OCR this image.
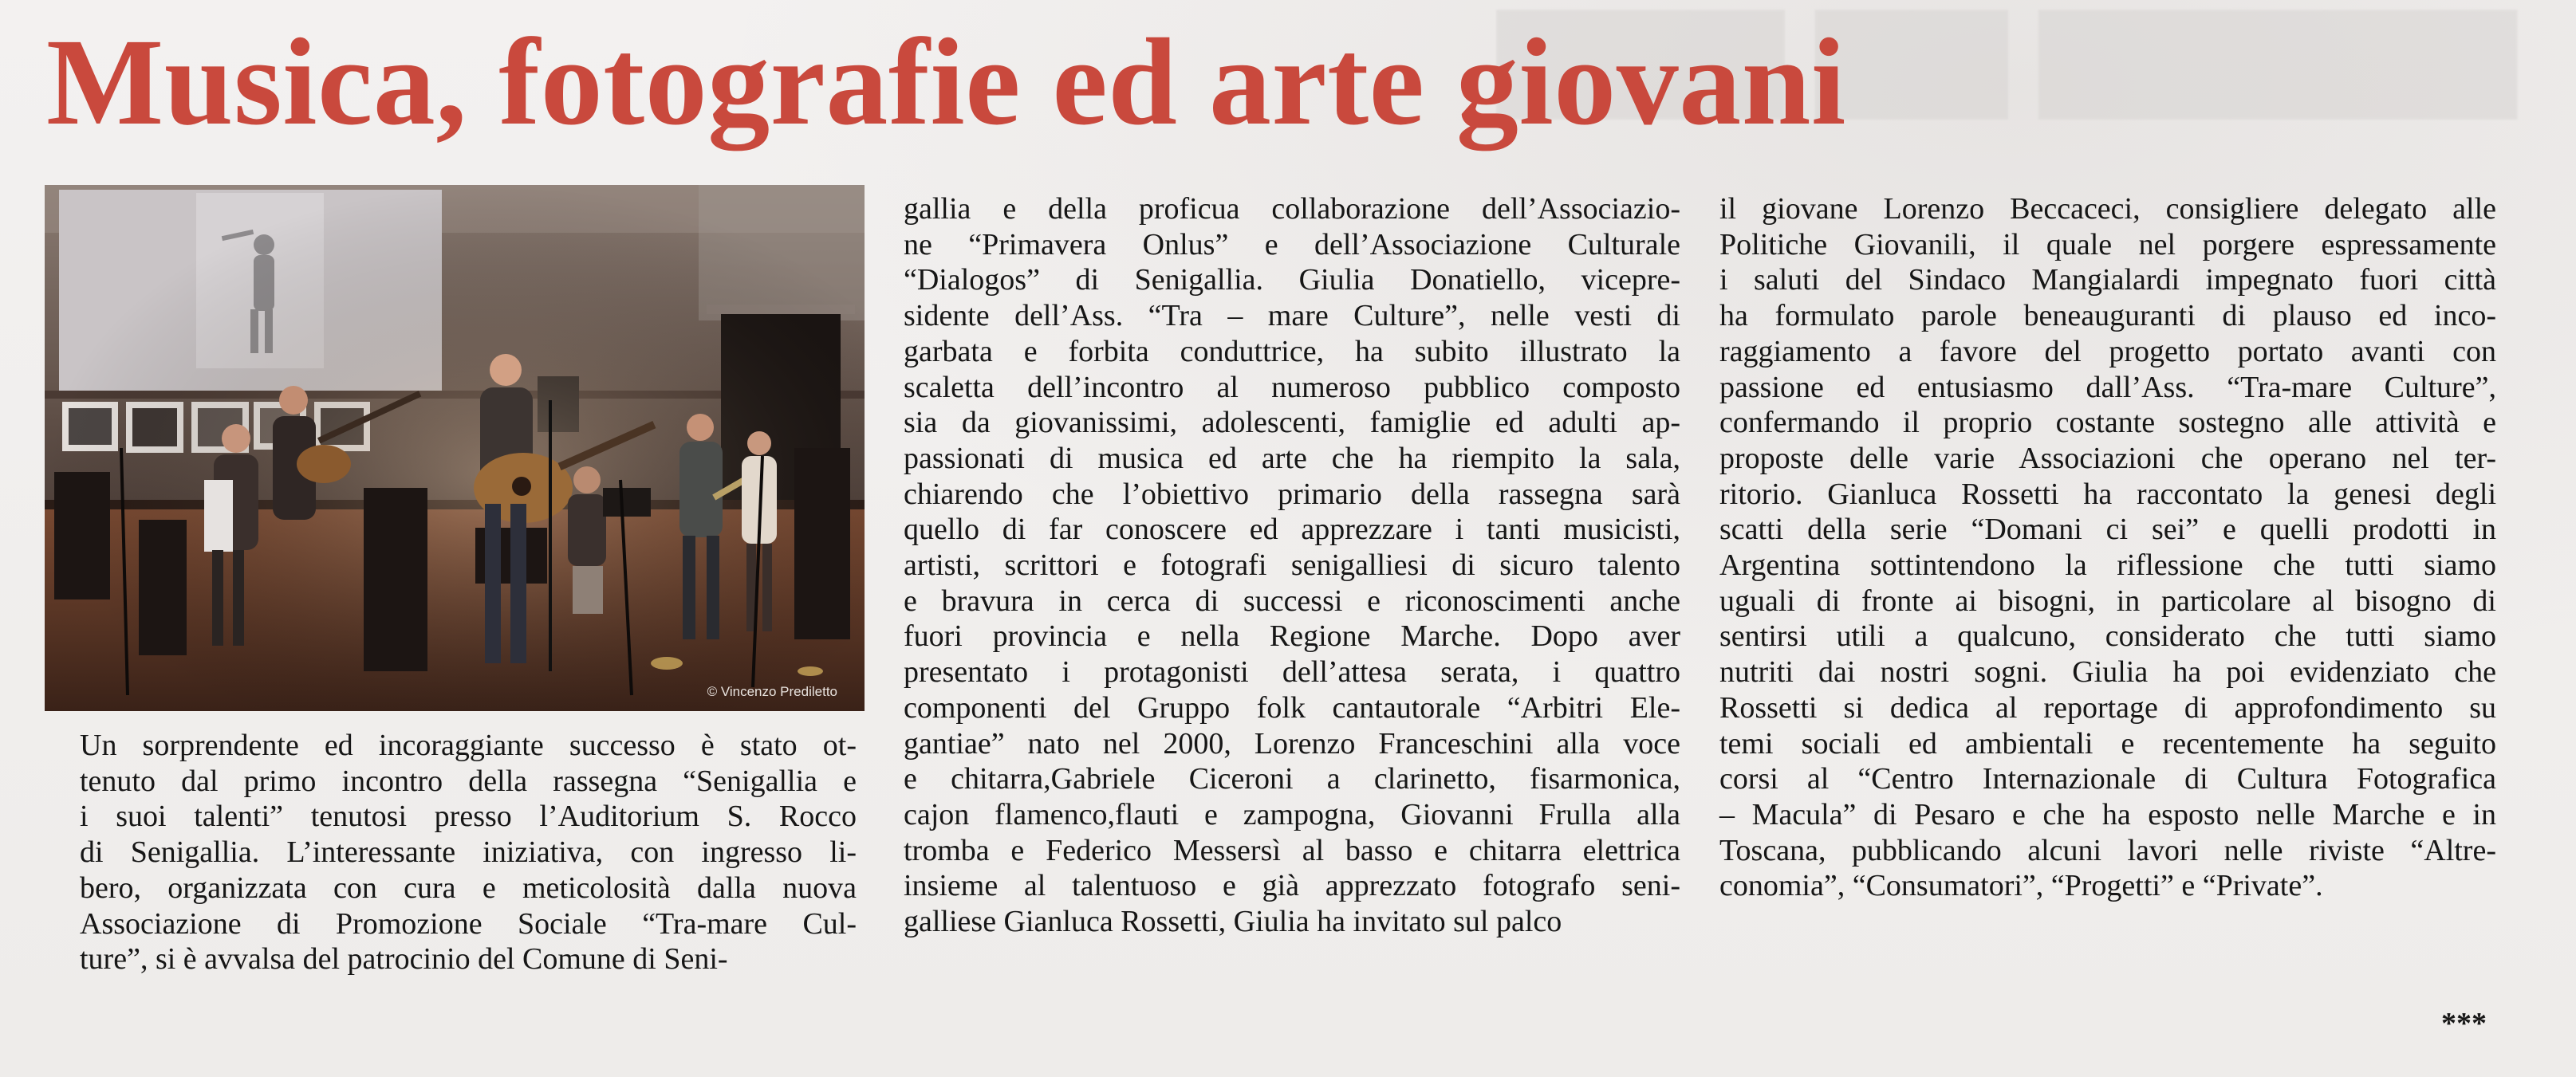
▆▆▆ ▆▆ ▆▆▆▆▆
Musica, fotografie ed arte giovani
© Vincenzo Prediletto
Un sorprendente ed incoraggiante successo è stato ot-
tenuto dal primo incontro della rassegna “Senigallia e
i suoi talenti” tenutosi presso l’Auditorium S. Rocco
di Senigallia. L’interessante iniziativa, con ingresso li-
bero, organizzata con cura e meticolosità dalla nuova
Associazione di Promozione Sociale “Tra-mare Cul-
ture”, si è avvalsa del patrocinio del Comune di Seni-
gallia e della proficua collaborazione dell’Associazio-
ne “Primavera Onlus” e dell’Associazione Culturale
“Dialogos” di Senigallia. Giulia Donatiello, vicepre-
sidente dell’Ass. “Tra – mare Culture”, nelle vesti di
garbata e forbita conduttrice, ha subito illustrato la
scaletta dell’incontro al numeroso pubblico composto
sia da giovanissimi, adolescenti, famiglie ed adulti ap-
passionati di musica ed arte che ha riempito la sala,
chiarendo che l’obiettivo primario della rassegna sarà
quello di far conoscere ed apprezzare i tanti musicisti,
artisti, scrittori e fotografi senigalliesi di sicuro talento
e bravura in cerca di successi e riconoscimenti anche
fuori provincia e nella Regione Marche. Dopo aver
presentato i protagonisti dell’attesa serata, i quattro
componenti del Gruppo folk cantautorale “Arbitri Ele-
gantiae” nato nel 2000, Lorenzo Franceschini alla voce
e chitarra,Gabriele Ciceroni a clarinetto, fisarmonica,
cajon flamenco,flauti e zampogna, Giovanni Frulla alla
tromba e Federico Messersì al basso e chitarra elettrica
insieme al talentuoso e già apprezzato fotografo seni-
galliese Gianluca Rossetti, Giulia ha invitato sul palco
il giovane Lorenzo Beccaceci, consigliere delegato alle
Politiche Giovanili, il quale nel porgere espressamente
i saluti del Sindaco Mangialardi impegnato fuori città
ha formulato parole beneauguranti di plauso ed inco-
raggiamento a favore del progetto portato avanti con
passione ed entusiasmo dall’Ass. “Tra-mare Culture”,
confermando il proprio costante sostegno alle attività e
proposte delle varie Associazioni che operano nel ter-
ritorio. Gianluca Rossetti ha raccontato la genesi degli
scatti della serie “Domani ci sei” e quelli prodotti in
Argentina sottintendono la riflessione che tutti siamo
uguali di fronte ai bisogni, in particolare al bisogno di
sentirsi utili a qualcuno, considerato che tutti siamo
nutriti dai nostri sogni. Giulia ha poi evidenziato che
Rossetti si dedica al reportage di approfondimento su
temi sociali ed ambientali e recentemente ha seguito
corsi al “Centro Internazionale di Cultura Fotografica
– Macula” di Pesaro e che ha esposto nelle Marche e in
Toscana, pubblicando alcuni lavori nelle riviste “Altre-
conomia”, “Consumatori”, “Progetti” e “Private”.
***
